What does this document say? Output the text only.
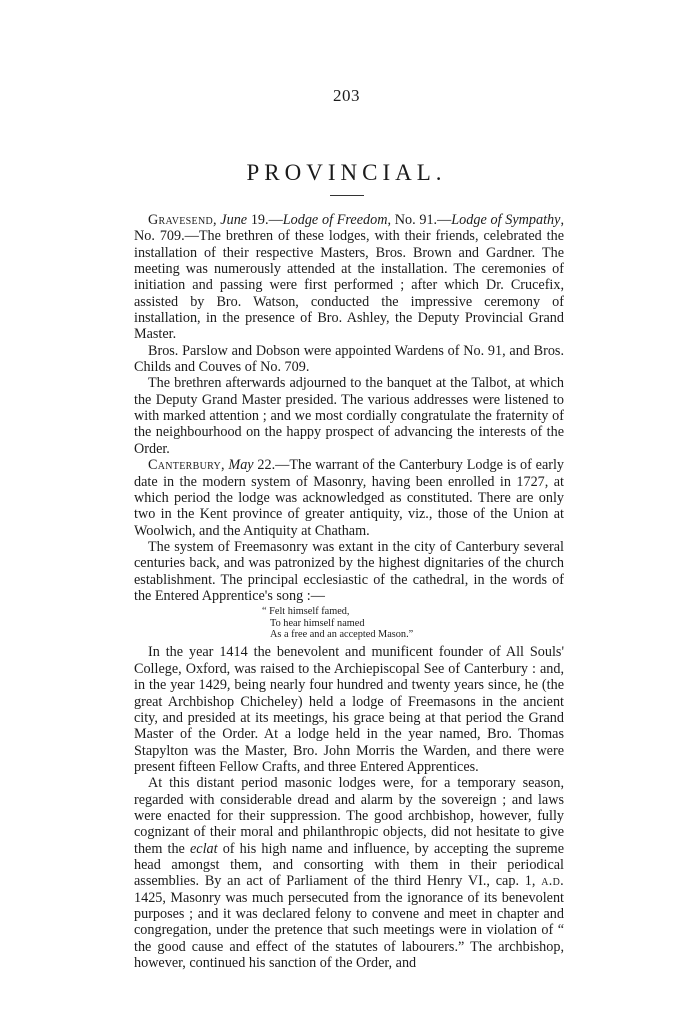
203
PROVINCIAL.

Gravesend, June 19.—Lodge of Freedom, No. 91.—Lodge of Sympathy, No. 709.—The brethren of these lodges, with their friends, celebrated the installation of their respective Masters, Bros. Brown and Gardner. The meeting was numerously attended at the installation. The ceremonies of initiation and passing were first performed ; after which Dr. Crucefix, assisted by Bro. Watson, conducted the impressive ceremony of installation, in the presence of Bro. Ashley, the Deputy Provincial Grand Master.

Bros. Parslow and Dobson were appointed Wardens of No. 91, and Bros. Childs and Couves of No. 709.

The brethren afterwards adjourned to the banquet at the Talbot, at which the Deputy Grand Master presided. The various addresses were listened to with marked attention ; and we most cordially congratulate the fraternity of the neighbourhood on the happy prospect of advancing the interests of the Order.

Canterbury, May 22.—The warrant of the Canterbury Lodge is of early date in the modern system of Masonry, having been enrolled in 1727, at which period the lodge was acknowledged as constituted. There are only two in the Kent province of greater antiquity, viz., those of the Union at Woolwich, and the Antiquity at Chatham.

The system of Freemasonry was extant in the city of Canterbury several centuries back, and was patronized by the highest dignitaries of the church establishment. The principal ecclesiastic of the cathedral, in the words of the Entered Apprentice's song :—

“ Felt himself famed,
To hear himself named
As a free and an accepted Mason.”

In the year 1414 the benevolent and munificent founder of All Souls' College, Oxford, was raised to the Archiepiscopal See of Canterbury : and, in the year 1429, being nearly four hundred and twenty years since, he (the great Archbishop Chicheley) held a lodge of Freemasons in the ancient city, and presided at its meetings, his grace being at that period the Grand Master of the Order. At a lodge held in the year named, Bro. Thomas Stapylton was the Master, Bro. John Morris the Warden, and there were present fifteen Fellow Crafts, and three Entered Apprentices.

At this distant period masonic lodges were, for a temporary season, regarded with considerable dread and alarm by the sovereign ; and laws were enacted for their suppression. The good archbishop, however, fully cognizant of their moral and philanthropic objects, did not hesitate to give them the eclat of his high name and influence, by accepting the supreme head amongst them, and consorting with them in their periodical assemblies. By an act of Parliament of the third Henry VI., cap. 1, a.d. 1425, Masonry was much persecuted from the ignorance of its benevolent purposes ; and it was declared felony to convene and meet in chapter and congregation, under the pretence that such meetings were in violation of “ the good cause and effect of the statutes of labourers.” The archbishop, however, continued his sanction of the Order, and
